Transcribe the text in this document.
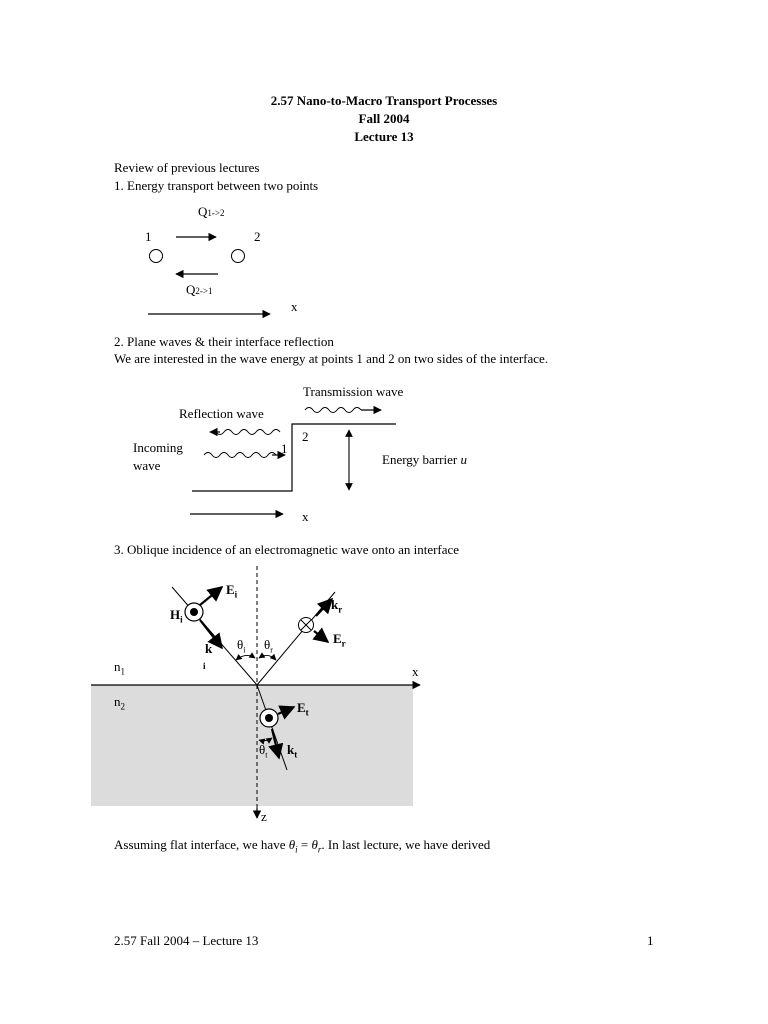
2.57 Nano-to-Macro Transport Processes
Fall 2004
Lecture 13
Review of previous lectures
1. Energy transport between two points
Q1->2
1	2
Q2->1
x
2. Plane waves & their interface reflection
We are interested in the wave energy at points 1 and 2 on two sides of the interface.
Transmission wave
Reflection wave
Incoming
wave
1
2
Energy barrier u
x
3. Oblique incidence of an electromagnetic wave onto an interface
$E_i$
$H_i$
k
i
$k_r$
$E_r$
$\theta_i$ $\theta_r$
$n_1$	x
$n_2$	$E_t$
$\theta_t$ $k_t$
z
Assuming flat interface, we have $\theta_i = \theta_r$. In last lecture, we have derived
2.57 Fall 2004 – Lecture 13	1
